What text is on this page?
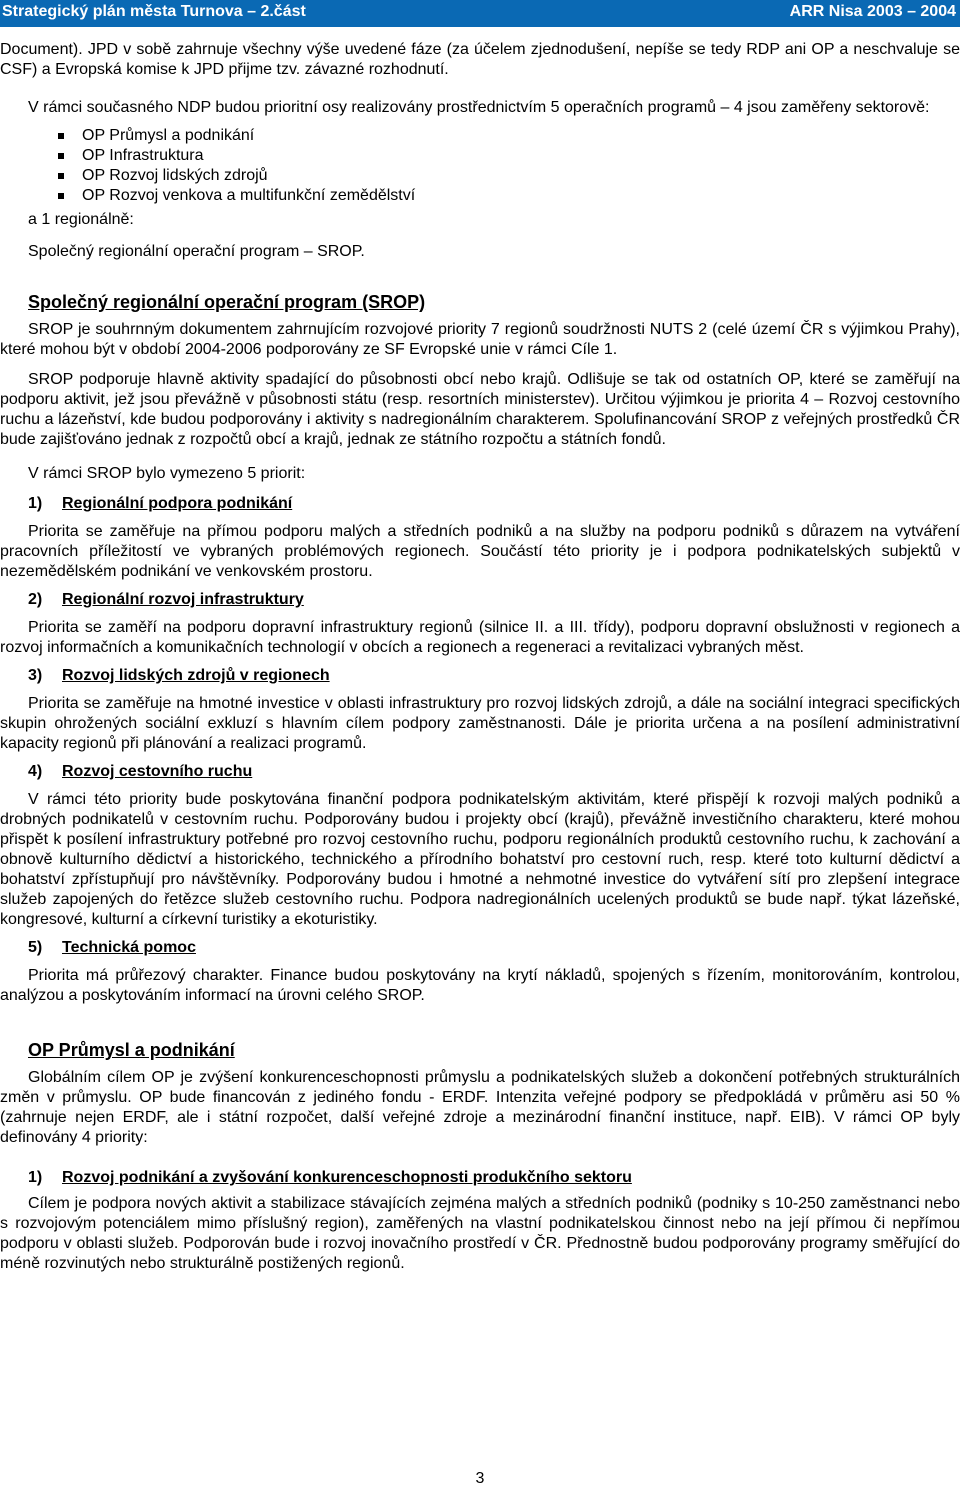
Strategický plán města Turnova – 2.část	ARR Nisa 2003 – 2004

Document). JPD v sobě zahrnuje všechny výše uvedené fáze (za účelem zjednodušení, nepíše se tedy RDP ani OP a neschvaluje se CSF) a Evropská komise k JPD přijme tzv. závazné rozhodnutí.

V rámci současného NDP budou prioritní osy realizovány prostřednictvím 5 operačních programů – 4 jsou zaměřeny sektorově:

OP Průmysl a podnikání
OP Infrastruktura
OP Rozvoj lidských zdrojů
OP Rozvoj venkova a multifunkční zemědělství

a 1 regionálně:

Společný regionální operační program – SROP.

Společný regionální operační program (SROP)

SROP je souhrnným dokumentem zahrnujícím rozvojové priority 7 regionů soudržnosti NUTS 2 (celé území ČR s výjimkou Prahy), které mohou být v období 2004-2006 podporovány ze SF Evropské unie v rámci Cíle 1.

SROP podporuje hlavně aktivity spadající do působnosti obcí nebo krajů. Odlišuje se tak od ostatních OP, které se zaměřují na podporu aktivit, jež jsou převážně v působnosti státu (resp. resortních ministerstev). Určitou výjimkou je priorita 4 – Rozvoj cestovního ruchu a lázeňství, kde budou podporovány i aktivity s nadregionálním charakterem. Spolufinancování SROP z veřejných prostředků ČR bude zajišťováno jednak z rozpočtů obcí a krajů, jednak ze státního rozpočtu a státních fondů.

V rámci SROP bylo vymezeno 5 priorit:

1) Regionální podpora podnikání

Priorita se zaměřuje na přímou podporu malých a středních podniků a na služby na podporu podniků s důrazem na vytváření pracovních příležitostí ve vybraných problémových regionech. Součástí této priority je i podpora podnikatelských subjektů v nezemědělském podnikání ve venkovském prostoru.

2) Regionální rozvoj infrastruktury

Priorita se zaměří na podporu dopravní infrastruktury regionů (silnice II. a III. třídy), podporu dopravní obslužnosti v regionech a rozvoj informačních a komunikačních technologií v obcích a regionech a regeneraci a revitalizaci vybraných měst.

3) Rozvoj lidských zdrojů v regionech

Priorita se zaměřuje na hmotné investice v oblasti infrastruktury pro rozvoj lidských zdrojů, a dále na sociální integraci specifických skupin ohrožených sociální exkluzí s hlavním cílem podpory zaměstnanosti. Dále je priorita určena a na posílení administrativní kapacity regionů při plánování a realizaci programů.

4) Rozvoj cestovního ruchu

V rámci této priority bude poskytována finanční podpora podnikatelským aktivitám, které přispějí k rozvoji malých podniků a drobných podnikatelů v cestovním ruchu. Podporovány budou i projekty obcí (krajů), převážně investičního charakteru, které mohou přispět k posílení infrastruktury potřebné pro rozvoj cestovního ruchu, podporu regionálních produktů cestovního ruchu, k zachování a obnově kulturního dědictví a historického, technického a přírodního bohatství pro cestovní ruch, resp. které toto kulturní dědictví a bohatství zpřístupňují pro návštěvníky. Podporovány budou i hmotné a nehmotné investice do vytváření sítí pro zlepšení integrace služeb zapojených do řetězce služeb cestovního ruchu. Podpora nadregionálních ucelených produktů se bude např. týkat lázeňské, kongresové, kulturní a církevní turistiky a ekoturistiky.

5) Technická pomoc

Priorita má průřezový charakter. Finance budou poskytovány na krytí nákladů, spojených s řízením, monitorováním, kontrolou, analýzou a poskytováním informací na úrovni celého SROP.

OP Průmysl a podnikání

Globálním cílem OP je zvýšení konkurenceschopnosti průmyslu a podnikatelských služeb a dokončení potřebných strukturálních změn v průmyslu. OP bude financován z jediného fondu - ERDF. Intenzita veřejné podpory se předpokládá v průměru asi 50 % (zahrnuje nejen ERDF, ale i státní rozpočet, další veřejné zdroje a mezinárodní finanční instituce, např. EIB). V rámci OP byly definovány 4 priority:

1) Rozvoj podnikání a zvyšování konkurenceschopnosti produkčního sektoru

Cílem je podpora nových aktivit a stabilizace stávajících zejména malých a středních podniků (podniky s 10-250 zaměstnanci nebo s rozvojovým potenciálem mimo příslušný region), zaměřených na vlastní podnikatelskou činnost nebo na její přímou či nepřímou podporu v oblasti služeb. Podporován bude i rozvoj inovačního prostředí v ČR. Přednostně budou podporovány programy směřující do méně rozvinutých nebo strukturálně postižených regionů.

3
